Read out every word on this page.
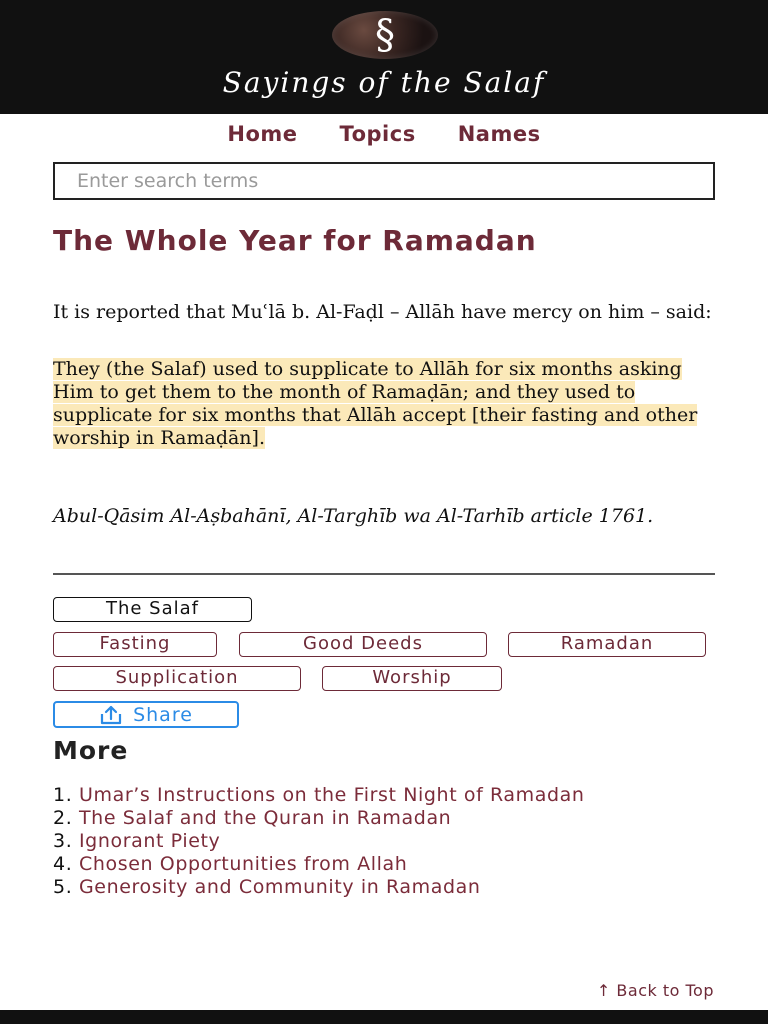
§
Sayings of the Salaf
Home Topics Names
Enter search terms
The Whole Year for Ramadan

It is reported that Muʿlā b. Al-Faḍl – Allāh have mercy on him – said:

They (the Salaf) used to supplicate to Allāh for six months asking Him to get them to the month of Ramaḍān; and they used to supplicate for six months that Allāh accept [their fasting and other worship in Ramaḍān].

Abul-Qāsim Al-Aṣbahānī, Al-Targhīb wa Al-Tarhīb article 1761.

The Salaf
Fasting	Good Deeds	Ramadan
Supplication	Worship
Share
More
1. Umar’s Instructions on the First Night of Ramadan
2. The Salaf and the Quran in Ramadan
3. Ignorant Piety
4. Chosen Opportunities from Allah
5. Generosity and Community in Ramadan
↑ Back to Top
